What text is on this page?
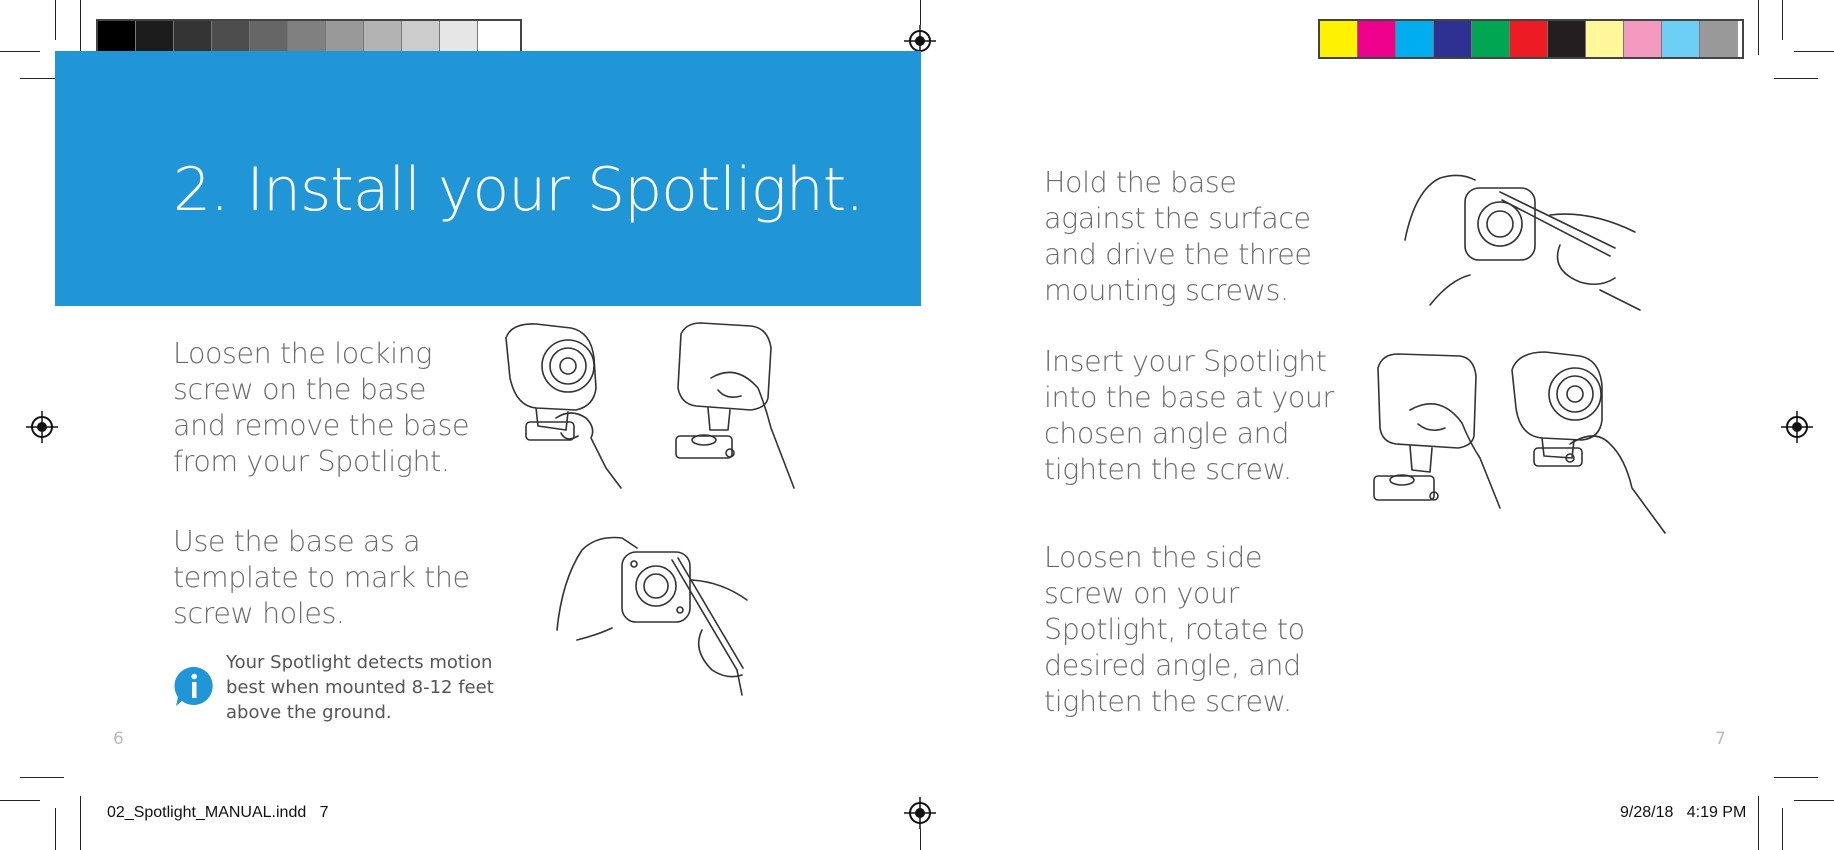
2. Install your Spotlight.
Loosen the locking screw on the base and remove the base from your Spotlight.
Use the base as a template to mark the screw holes.
Your Spotlight detects motion best when mounted 8-12 feet above the ground.
Hold the base against the surface and drive the three mounting screws.
Insert your Spotlight into the base at your chosen angle and tighten the screw.
Loosen the side screw on your Spotlight, rotate to desired angle, and tighten the screw.
6	7
02_Spotlight_MANUAL.indd   7	9/28/18   4:19 PM
